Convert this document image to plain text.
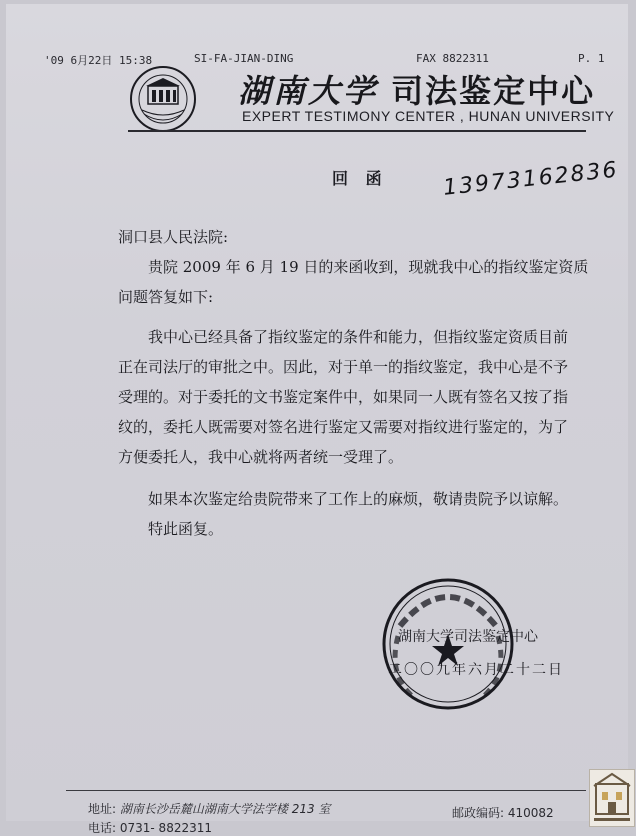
'09 6月22日 15:38	SI-FA-JIAN-DING	FAX 8822311	P. 1
湖南大学 司法鉴定中心
EXPERT TESTIMONY CENTER , HUNAN UNIVERSITY
回 函 13973162836
洞口县人民法院:
贵院 2009 年 6 月 19 日的来函收到，现就我中心的指纹鉴定资质
问题答复如下:
我中心已经具备了指纹鉴定的条件和能力，但指纹鉴定资质目前
正在司法厅的审批之中。因此，对于单一的指纹鉴定，我中心是不予
受理的。对于委托的文书鉴定案件中，如果同一人既有签名又按了指
纹的，委托人既需要对签名进行鉴定又需要对指纹进行鉴定的，为了
方便委托人，我中心就将两者统一受理了。
如果本次鉴定给贵院带来了工作上的麻烦，敬请贵院予以谅解。
特此函复。
湖南大学司法鉴定中心
二〇〇九年六月二十二日
地址: 湖南长沙岳麓山湖南大学法学楼 213 室	邮政编码: 410082
电话: 0731- 8822311
